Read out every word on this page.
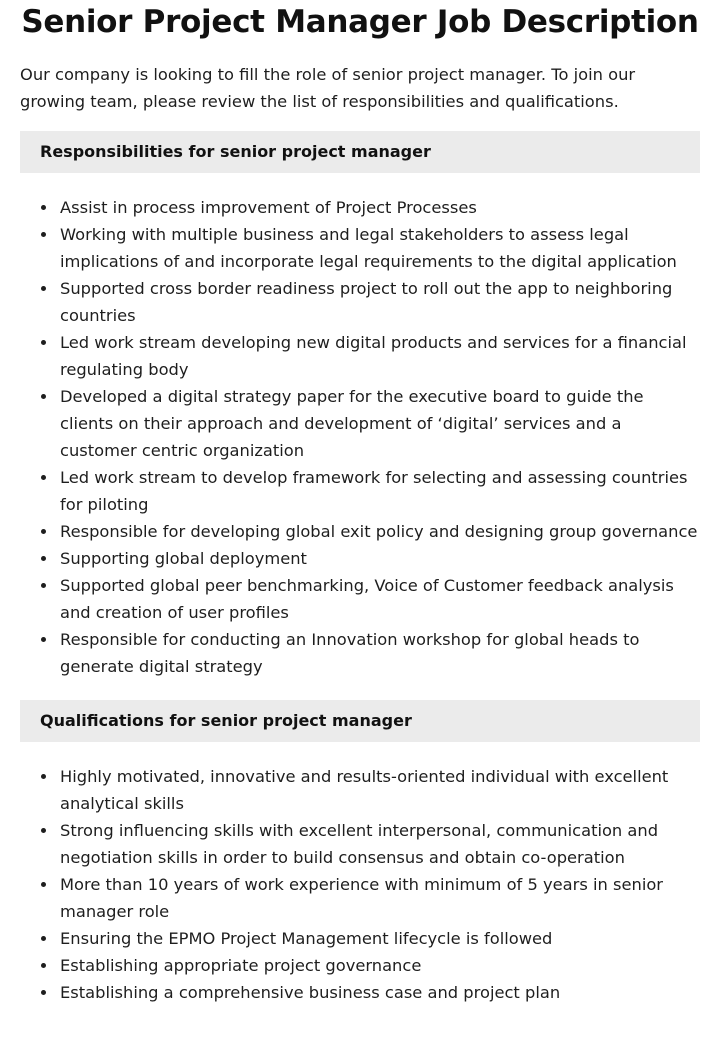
Senior Project Manager Job Description

Our company is looking to fill the role of senior project manager. To join our growing team, please review the list of responsibilities and qualifications.

Responsibilities for senior project manager
Assist in process improvement of Project Processes
Working with multiple business and legal stakeholders to assess legal implications of and incorporate legal requirements to the digital application
Supported cross border readiness project to roll out the app to neighboring countries
Led work stream developing new digital products and services for a financial regulating body
Developed a digital strategy paper for the executive board to guide the clients on their approach and development of ‘digital’ services and a customer centric organization
Led work stream to develop framework for selecting and assessing countries for piloting
Responsible for developing global exit policy and designing group governance
Supporting global deployment
Supported global peer benchmarking, Voice of Customer feedback analysis and creation of user profiles
Responsible for conducting an Innovation workshop for global heads to generate digital strategy
Qualifications for senior project manager
Highly motivated, innovative and results-oriented individual with excellent analytical skills
Strong influencing skills with excellent interpersonal, communication and negotiation skills in order to build consensus and obtain co-operation
More than 10 years of work experience with minimum of 5 years in senior manager role
Ensuring the EPMO Project Management lifecycle is followed
Establishing appropriate project governance
Establishing a comprehensive business case and project plan
